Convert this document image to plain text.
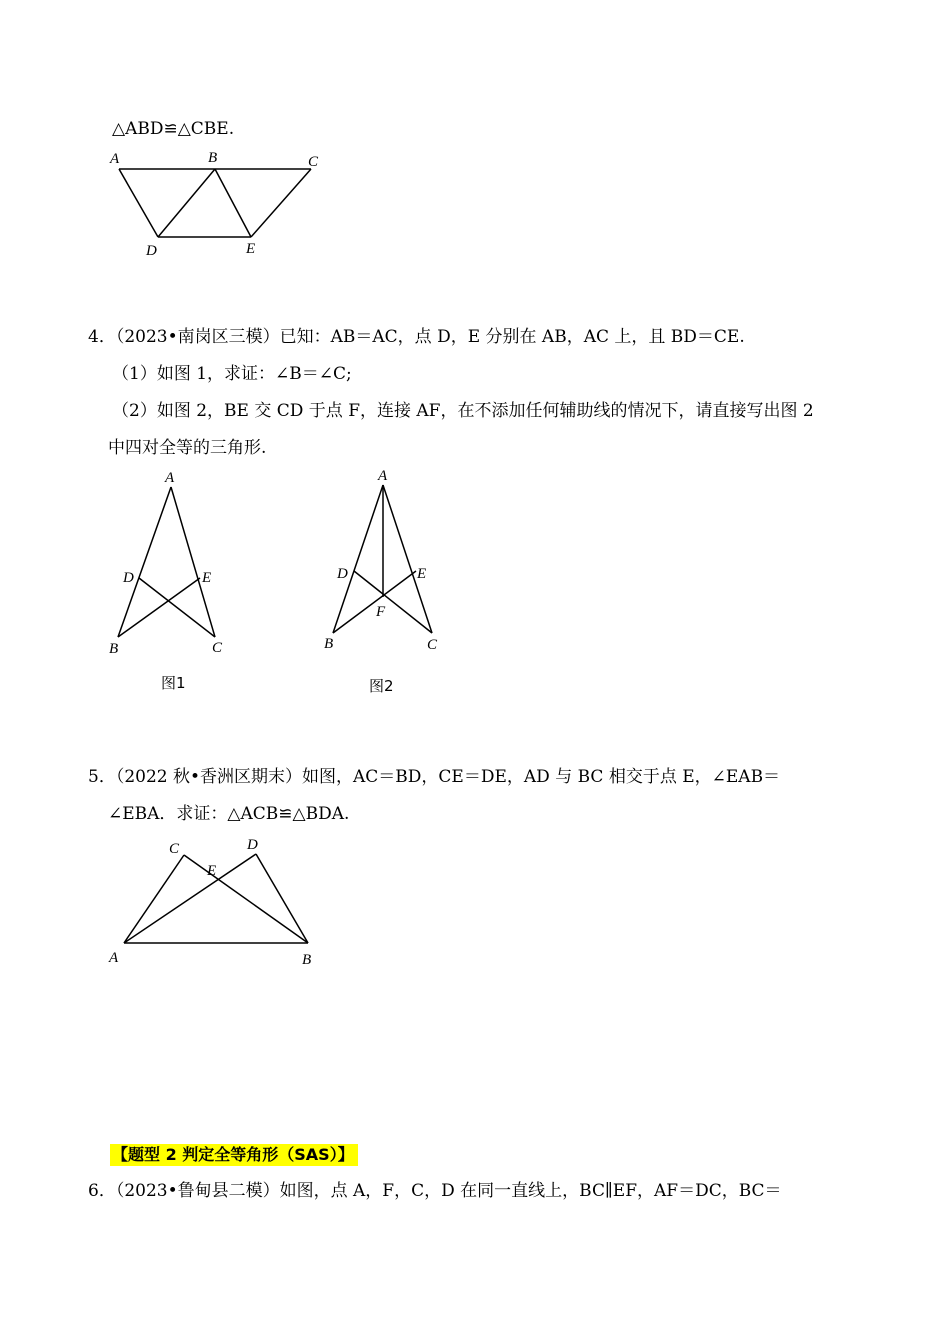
△ABD≌△CBE.
A	B	C
D	E
4．（2023•南岗区三模）已知：AB＝AC，点 D，E 分别在 AB，AC 上，且 BD＝CE.
（1）如图 1，求证：∠B＝∠C;
（2）如图 2，BE 交 CD 于点 F，连接 AF，在不添加任何辅助线的情况下，请直接写出图 2
中四对全等的三角形.
A
D	E
B	C
图1
A
D	E
F
B	C
图2
5．（2022 秋•香洲区期末）如图，AC＝BD，CE＝DE，AD 与 BC 相交于点 E，∠EAB＝
∠EBA．求证：△ACB≌△BDA.
C	D
E
A	B
【题型 2 判定全等角形（SAS）】
6．（2023•鲁甸县二模）如图，点 A，F，C，D 在同一直线上，BC∥EF，AF＝DC，BC＝
